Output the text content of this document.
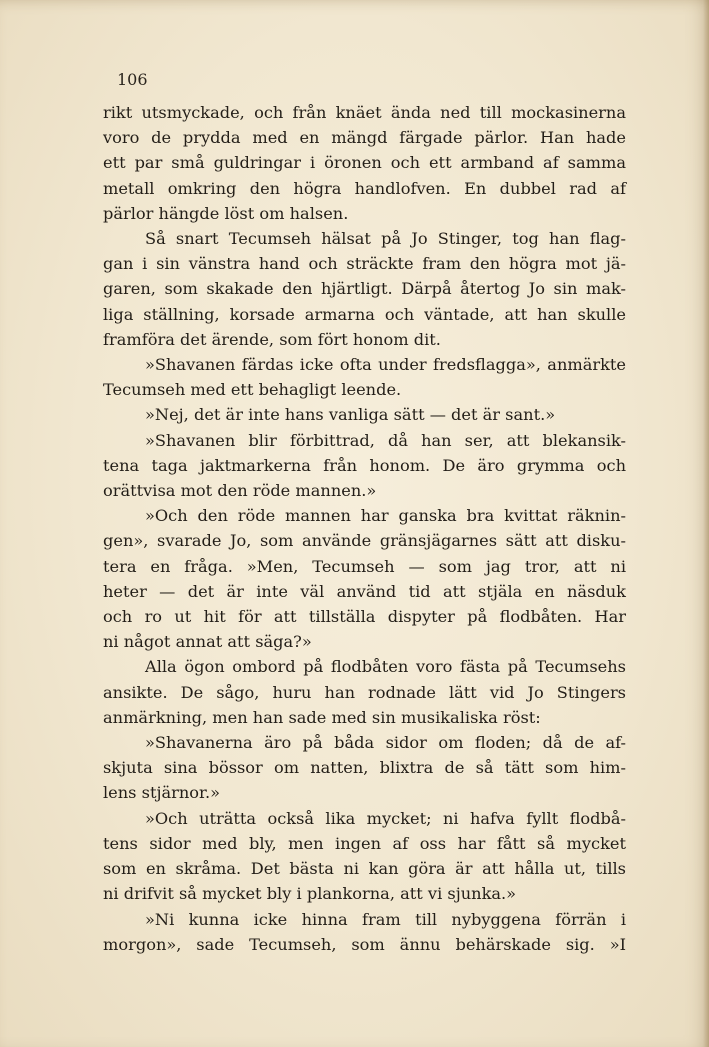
106

rikt utsmyckade, och från knäet ända ned till mockasinerna
voro de prydda med en mängd färgade pärlor. Han hade
ett par små guldringar i öronen och ett armband af samma
metall omkring den högra handlofven. En dubbel rad af
pärlor hängde löst om halsen.
Så snart Tecumseh hälsat på Jo Stinger, tog han flag-
gan i sin vänstra hand och sträckte fram den högra mot jä-
garen, som skakade den hjärtligt. Därpå återtog Jo sin mak-
liga ställning, korsade armarna och väntade, att han skulle
framföra det ärende, som fört honom dit.
»Shavanen färdas icke ofta under fredsflagga», anmärkte
Tecumseh med ett behagligt leende.
»Nej, det är inte hans vanliga sätt — det är sant.»
»Shavanen blir förbittrad, då han ser, att blekansik-
tena taga jaktmarkerna från honom. De äro grymma och
orättvisa mot den röde mannen.»
»Och den röde mannen har ganska bra kvittat räknin-
gen», svarade Jo, som använde gränsjägarnes sätt att disku-
tera en fråga. »Men, Tecumseh — som jag tror, att ni
heter — det är inte väl använd tid att stjäla en näsduk
och ro ut hit för att tillställa dispyter på flodbåten. Har
ni något annat att säga?»
Alla ögon ombord på flodbåten voro fästa på Tecumsehs
ansikte. De sågo, huru han rodnade lätt vid Jo Stingers
anmärkning, men han sade med sin musikaliska röst:
»Shavanerna äro på båda sidor om floden; då de af-
skjuta sina bössor om natten, blixtra de så tätt som him-
lens stjärnor.»
»Och uträtta också lika mycket; ni hafva fyllt flodbå-
tens sidor med bly, men ingen af oss har fått så mycket
som en skråma. Det bästa ni kan göra är att hålla ut, tills
ni drifvit så mycket bly i plankorna, att vi sjunka.»
»Ni kunna icke hinna fram till nybyggena förrän i
morgon», sade Tecumseh, som ännu behärskade sig. »I
